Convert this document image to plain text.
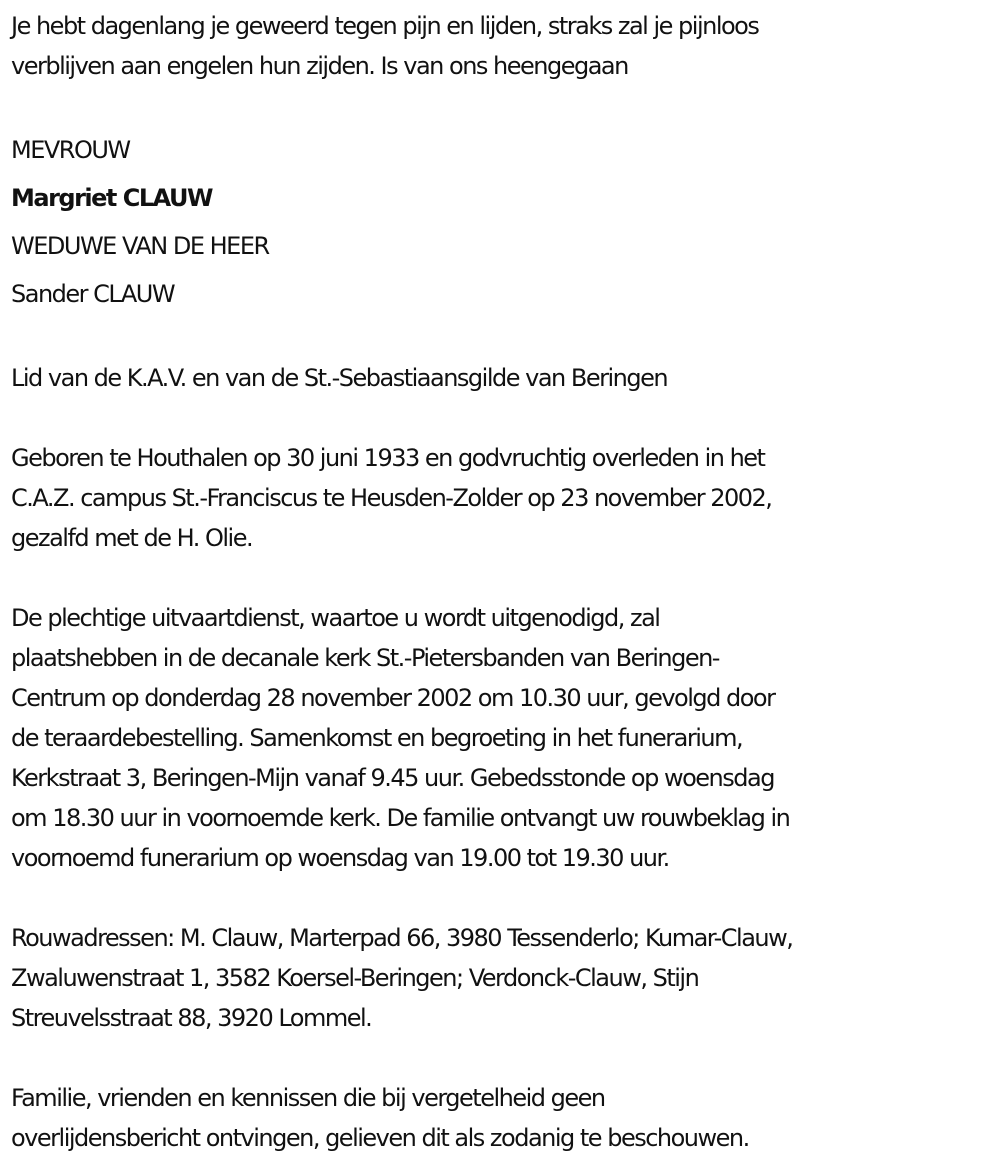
Je hebt dagenlang je geweerd tegen pijn en lijden, straks zal je pijnloos
verblijven aan engelen hun zijden. Is van ons heengegaan
MEVROUW
Margriet CLAUW
WEDUWE VAN DE HEER
Sander CLAUW
Lid van de K.A.V. en van de St.-Sebastiaansgilde van Beringen
Geboren te Houthalen op 30 juni 1933 en godvruchtig overleden in het
C.A.Z. campus St.-Franciscus te Heusden-Zolder op 23 november 2002,
gezalfd met de H. Olie.
De plechtige uitvaartdienst, waartoe u wordt uitgenodigd, zal
plaatshebben in de decanale kerk St.-Pietersbanden van Beringen-
Centrum op donderdag 28 november 2002 om 10.30 uur, gevolgd door
de teraardebestelling. Samenkomst en begroeting in het funerarium,
Kerkstraat 3, Beringen-Mijn vanaf 9.45 uur. Gebedsstonde op woensdag
om 18.30 uur in voornoemde kerk. De familie ontvangt uw rouwbeklag in
voornoemd funerarium op woensdag van 19.00 tot 19.30 uur.
Rouwadressen: M. Clauw, Marterpad 66, 3980 Tessenderlo; Kumar-Clauw,
Zwaluwenstraat 1, 3582 Koersel-Beringen; Verdonck-Clauw, Stijn
Streuvelsstraat 88, 3920 Lommel.
Familie, vrienden en kennissen die bij vergetelheid geen
overlijdensbericht ontvingen, gelieven dit als zodanig te beschouwen.
